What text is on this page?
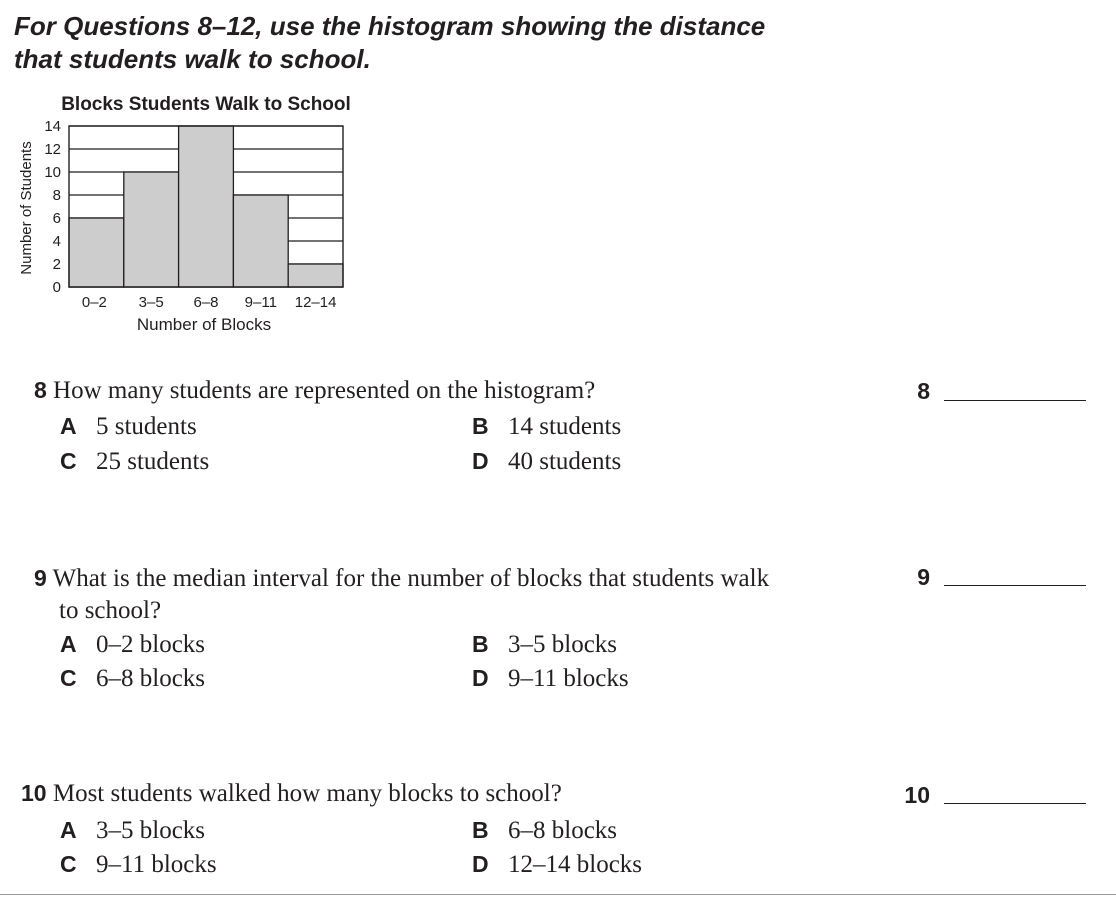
For Questions 8–12, use the histogram showing the distance
that students walk to school.
Blocks Students Walk to School
Number of Students
Number of Blocks
0
2
4
6
8
10
12
14
0–2 3–5 6–8 9–11 12–14
8 How many students are represented on the histogram?	8
A 5 students	B 14 students
C 25 students	D 40 students
9 What is the median interval for the number of blocks that students walk
to school?
9
A 0–2 blocks	B 3–5 blocks
C 6–8 blocks	D 9–11 blocks
10 Most students walked how many blocks to school?	10
A 3–5 blocks	B 6–8 blocks
C 9–11 blocks	D 12–14 blocks
